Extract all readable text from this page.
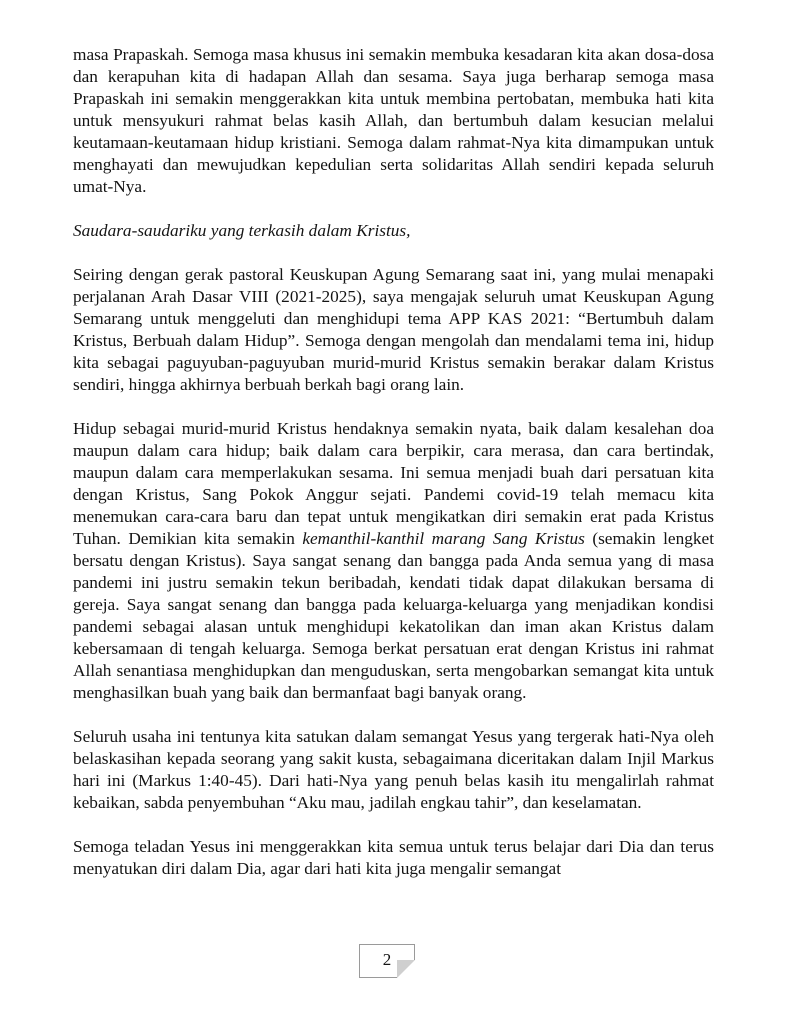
masa Prapaskah. Semoga masa khusus ini semakin membuka kesadaran kita akan dosa-dosa dan kerapuhan kita di hadapan Allah dan sesama. Saya juga berharap semoga masa Prapaskah ini semakin menggerakkan kita untuk membina pertobatan, membuka hati kita untuk mensyukuri rahmat belas kasih Allah, dan bertumbuh dalam kesucian melalui keutamaan-keutamaan hidup kristiani. Semoga dalam rahmat-Nya kita dimampukan untuk menghayati dan mewujudkan kepedulian serta solidaritas Allah sendiri kepada seluruh umat-Nya.

Saudara-saudariku yang terkasih dalam Kristus,

Seiring dengan gerak pastoral Keuskupan Agung Semarang saat ini, yang mulai menapaki perjalanan Arah Dasar VIII (2021-2025), saya mengajak seluruh umat Keuskupan Agung Semarang untuk menggeluti dan menghidupi tema APP KAS 2021: “Bertumbuh dalam Kristus, Berbuah dalam Hidup”. Semoga dengan mengolah dan mendalami tema ini, hidup kita sebagai paguyuban-paguyuban murid-murid Kristus semakin berakar dalam Kristus sendiri, hingga akhirnya berbuah berkah bagi orang lain.

Hidup sebagai murid-murid Kristus hendaknya semakin nyata, baik dalam kesalehan doa maupun dalam cara hidup; baik dalam cara berpikir, cara merasa, dan cara bertindak, maupun dalam cara memperlakukan sesama. Ini semua menjadi buah dari persatuan kita dengan Kristus, Sang Pokok Anggur sejati. Pandemi covid-19 telah memacu kita menemukan cara-cara baru dan tepat untuk mengikatkan diri semakin erat pada Kristus Tuhan. Demikian kita semakin kemanthil-kanthil marang Sang Kristus (semakin lengket bersatu dengan Kristus). Saya sangat senang dan bangga pada Anda semua yang di masa pandemi ini justru semakin tekun beribadah, kendati tidak dapat dilakukan bersama di gereja. Saya sangat senang dan bangga pada keluarga-keluarga yang menjadikan kondisi pandemi sebagai alasan untuk menghidupi kekatolikan dan iman akan Kristus dalam kebersamaan di tengah keluarga. Semoga berkat persatuan erat dengan Kristus ini rahmat Allah senantiasa menghidupkan dan menguduskan, serta mengobarkan semangat kita untuk menghasilkan buah yang baik dan bermanfaat bagi banyak orang.

Seluruh usaha ini tentunya kita satukan dalam semangat Yesus yang tergerak hati-Nya oleh belaskasihan kepada seorang yang sakit kusta, sebagaimana diceritakan dalam Injil Markus hari ini (Markus 1:40-45). Dari hati-Nya yang penuh belas kasih itu mengalirlah rahmat kebaikan, sabda penyembuhan “Aku mau, jadilah engkau tahir”, dan keselamatan.

Semoga teladan Yesus ini menggerakkan kita semua untuk terus belajar dari Dia dan terus menyatukan diri dalam Dia, agar dari hati kita juga mengalir semangat

2
